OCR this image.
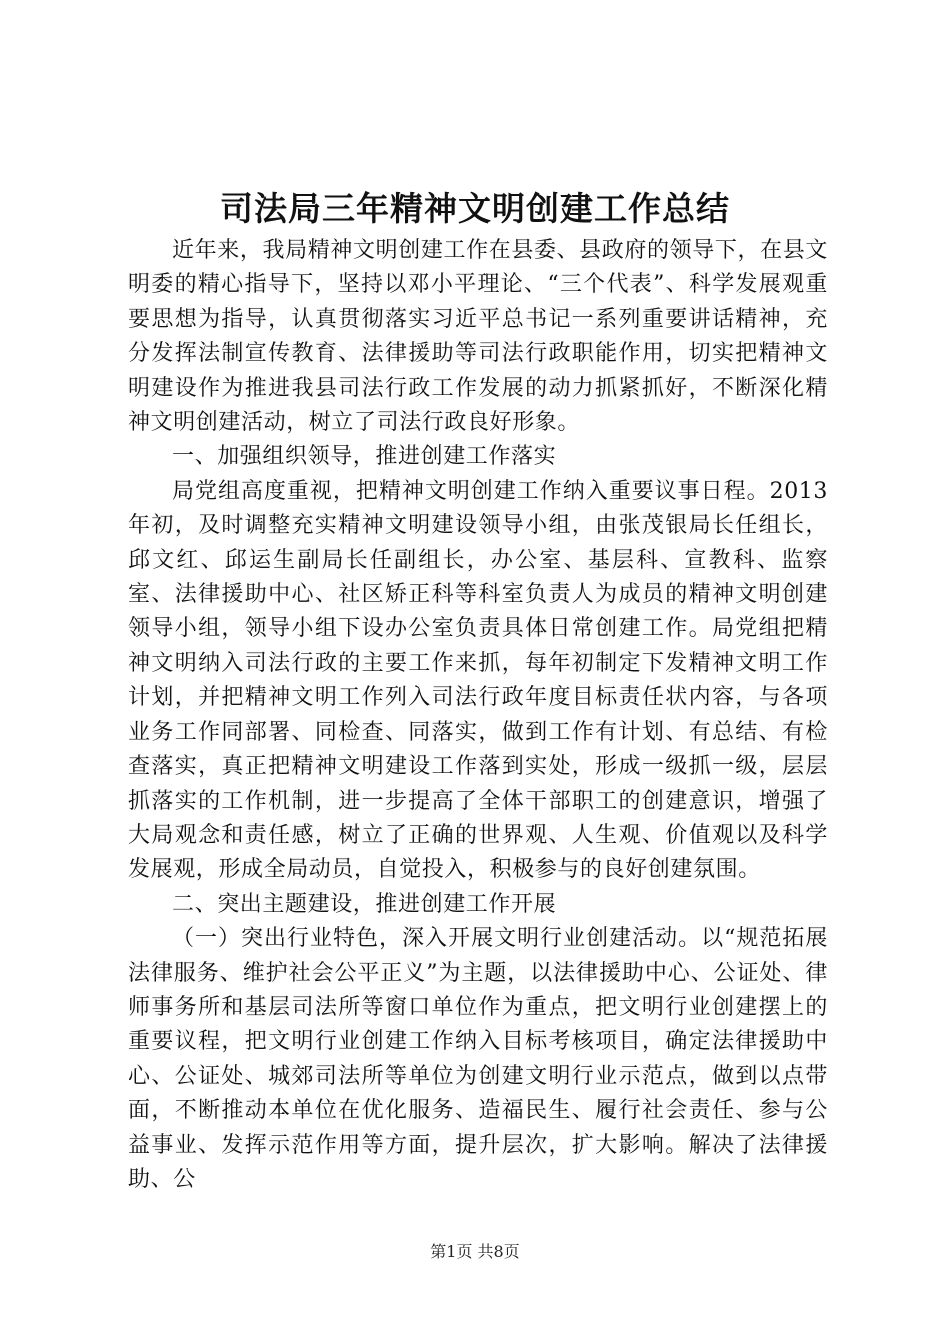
司法局三年精神文明创建工作总结

近年来，我局精神文明创建工作在县委、县政府的领导下，在县文明委的精心指导下，坚持以邓小平理论、“三个代表”、科学发展观重要思想为指导，认真贯彻落实习近平总书记一系列重要讲话精神，充分发挥法制宣传教育、法律援助等司法行政职能作用，切实把精神文明建设作为推进我县司法行政工作发展的动力抓紧抓好，不断深化精神文明创建活动，树立了司法行政良好形象。

一、加强组织领导，推进创建工作落实

局党组高度重视，把精神文明创建工作纳入重要议事日程。2013年初，及时调整充实精神文明建设领导小组，由张茂银局长任组长，邱文红、邱运生副局长任副组长，办公室、基层科、宣教科、监察室、法律援助中心、社区矫正科等科室负责人为成员的精神文明创建领导小组，领导小组下设办公室负责具体日常创建工作。局党组把精神文明纳入司法行政的主要工作来抓，每年初制定下发精神文明工作计划，并把精神文明工作列入司法行政年度目标责任状内容，与各项业务工作同部署、同检查、同落实，做到工作有计划、有总结、有检查落实，真正把精神文明建设工作落到实处，形成一级抓一级，层层抓落实的工作机制，进一步提高了全体干部职工的创建意识，增强了大局观念和责任感，树立了正确的世界观、人生观、价值观以及科学发展观，形成全局动员，自觉投入，积极参与的良好创建氛围。

二、突出主题建设，推进创建工作开展

（一）突出行业特色，深入开展文明行业创建活动。以“规范拓展法律服务、维护社会公平正义”为主题，以法律援助中心、公证处、律师事务所和基层司法所等窗口单位作为重点，把文明行业创建摆上的重要议程，把文明行业创建工作纳入目标考核项目，确定法律援助中心、公证处、城郊司法所等单位为创建文明行业示范点，做到以点带面，不断推动本单位在优化服务、造福民生、履行社会责任、参与公益事业、发挥示范作用等方面，提升层次，扩大影响。解决了法律援助、公

第1页 共8页
